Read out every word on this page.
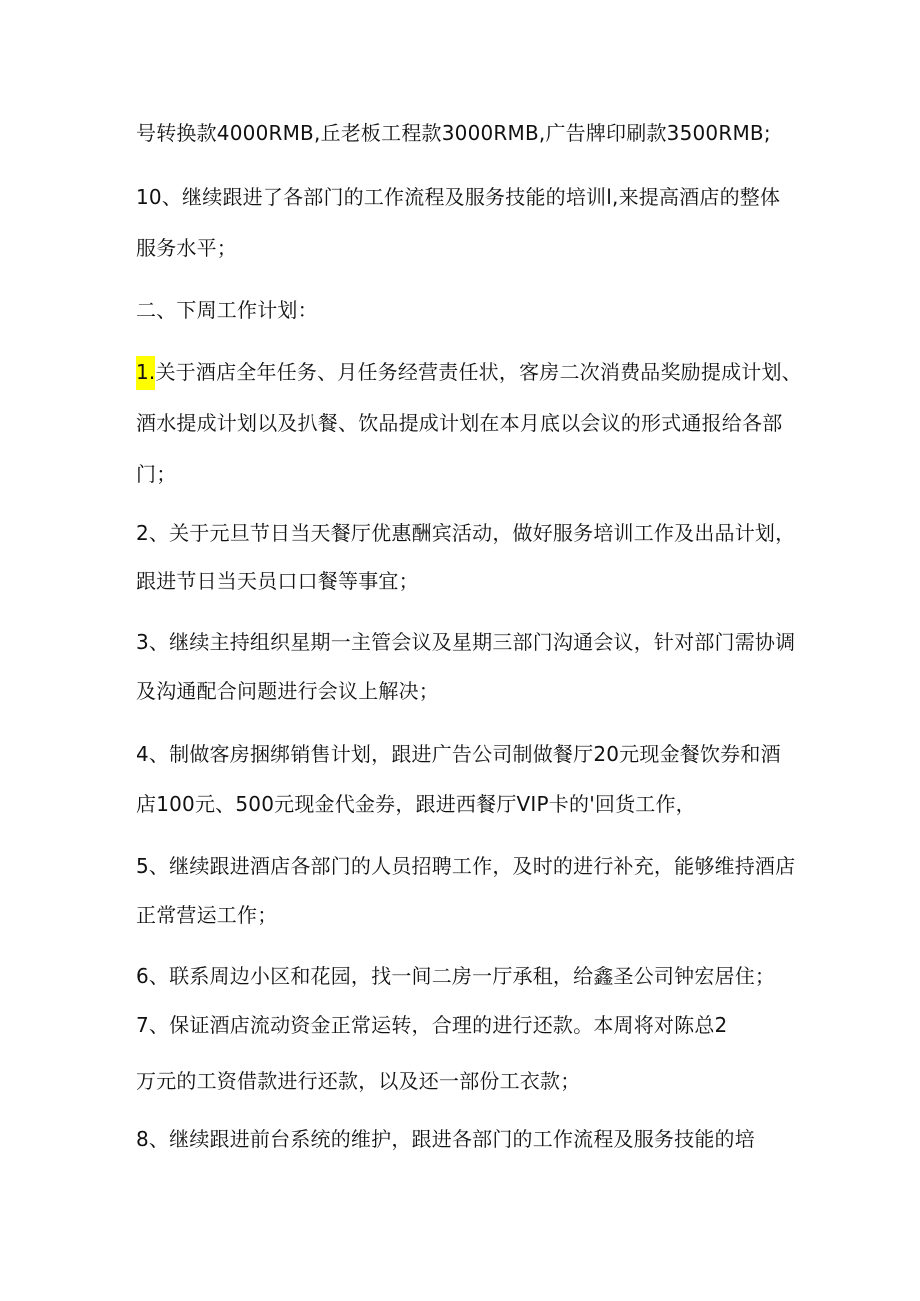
号转换款4000RMB,丘老板工程款3000RMB,广告牌印刷款3500RMB;
10、继续跟进了各部门的工作流程及服务技能的培训l,来提高酒店的整体
服务水平；
二、下周工作计划：
1.关于酒店全年任务、月任务经营责任状，客房二次消费品奖励提成计划、
酒水提成计划以及扒餐、饮品提成计划在本月底以会议的形式通报给各部
门；
2、关于元旦节日当天餐厅优惠酬宾活动，做好服务培训工作及出品计划，
跟进节日当天员口口餐等事宜；
3、继续主持组织星期一主管会议及星期三部门沟通会议，针对部门需协调
及沟通配合问题进行会议上解决；
4、制做客房捆绑销售计划，跟进广告公司制做餐厅20元现金餐饮券和酒
店100元、500元现金代金券，跟进西餐厅VIP卡的'回货工作，
5、继续跟进酒店各部门的人员招聘工作，及时的进行补充，能够维持酒店
正常营运工作；
6、联系周边小区和花园，找一间二房一厅承租，给鑫圣公司钟宏居住；
7、保证酒店流动资金正常运转，合理的进行还款。本周将对陈总2
万元的工资借款进行还款，以及还一部份工衣款；
8、继续跟进前台系统的维护，跟进各部门的工作流程及服务技能的培
